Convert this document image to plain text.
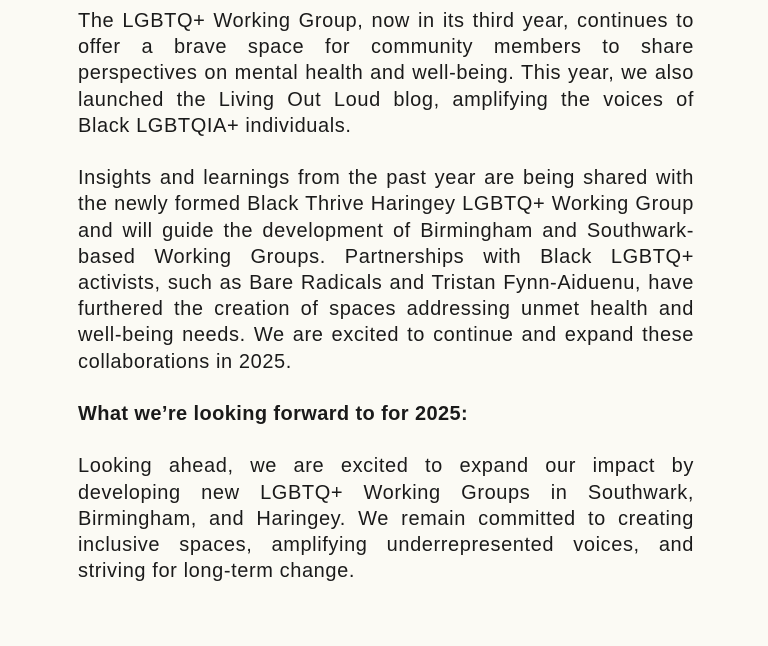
The LGBTQ+ Working Group, now in its third year, continues to offer a brave space for community members to share perspectives on mental health and well-being. This year, we also launched the Living Out Loud blog, amplifying the voices of Black LGBTQIA+ individuals.

Insights and learnings from the past year are being shared with the newly formed Black Thrive Haringey LGBTQ+ Working Group and will guide the development of Birmingham and Southwark-based Working Groups. Partnerships with Black LGBTQ+ activists, such as Bare Radicals and Tristan Fynn-Aiduenu, have furthered the creation of spaces addressing unmet health and well-being needs. We are excited to continue and expand these collaborations in 2025.

What we’re looking forward to for 2025:

Looking ahead, we are excited to expand our impact by developing new LGBTQ+ Working Groups in Southwark, Birmingham, and Haringey. We remain committed to creating inclusive spaces, amplifying underrepresented voices, and striving for long-term change.
